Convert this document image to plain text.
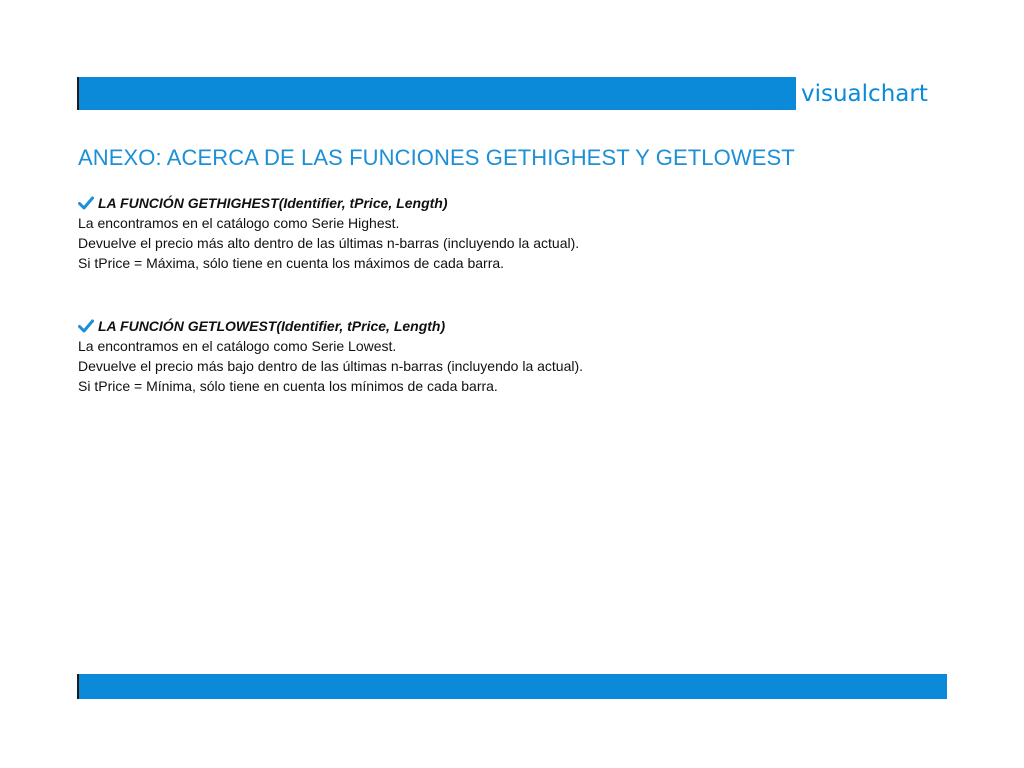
visualchart
ANEXO: ACERCA DE LAS FUNCIONES GETHIGHEST Y GETLOWEST
LA FUNCIÓN GETHIGHEST(Identifier, tPrice, Length)
La encontramos en el catálogo como Serie Highest.
Devuelve el precio más alto dentro de las últimas n-barras (incluyendo la actual).
Si tPrice = Máxima, sólo tiene en cuenta los máximos de cada barra.
LA FUNCIÓN GETLOWEST(Identifier, tPrice, Length)
La encontramos en el catálogo como Serie Lowest.
Devuelve el precio más bajo dentro de las últimas n-barras (incluyendo la actual).
Si tPrice = Mínima, sólo tiene en cuenta los mínimos de cada barra.
